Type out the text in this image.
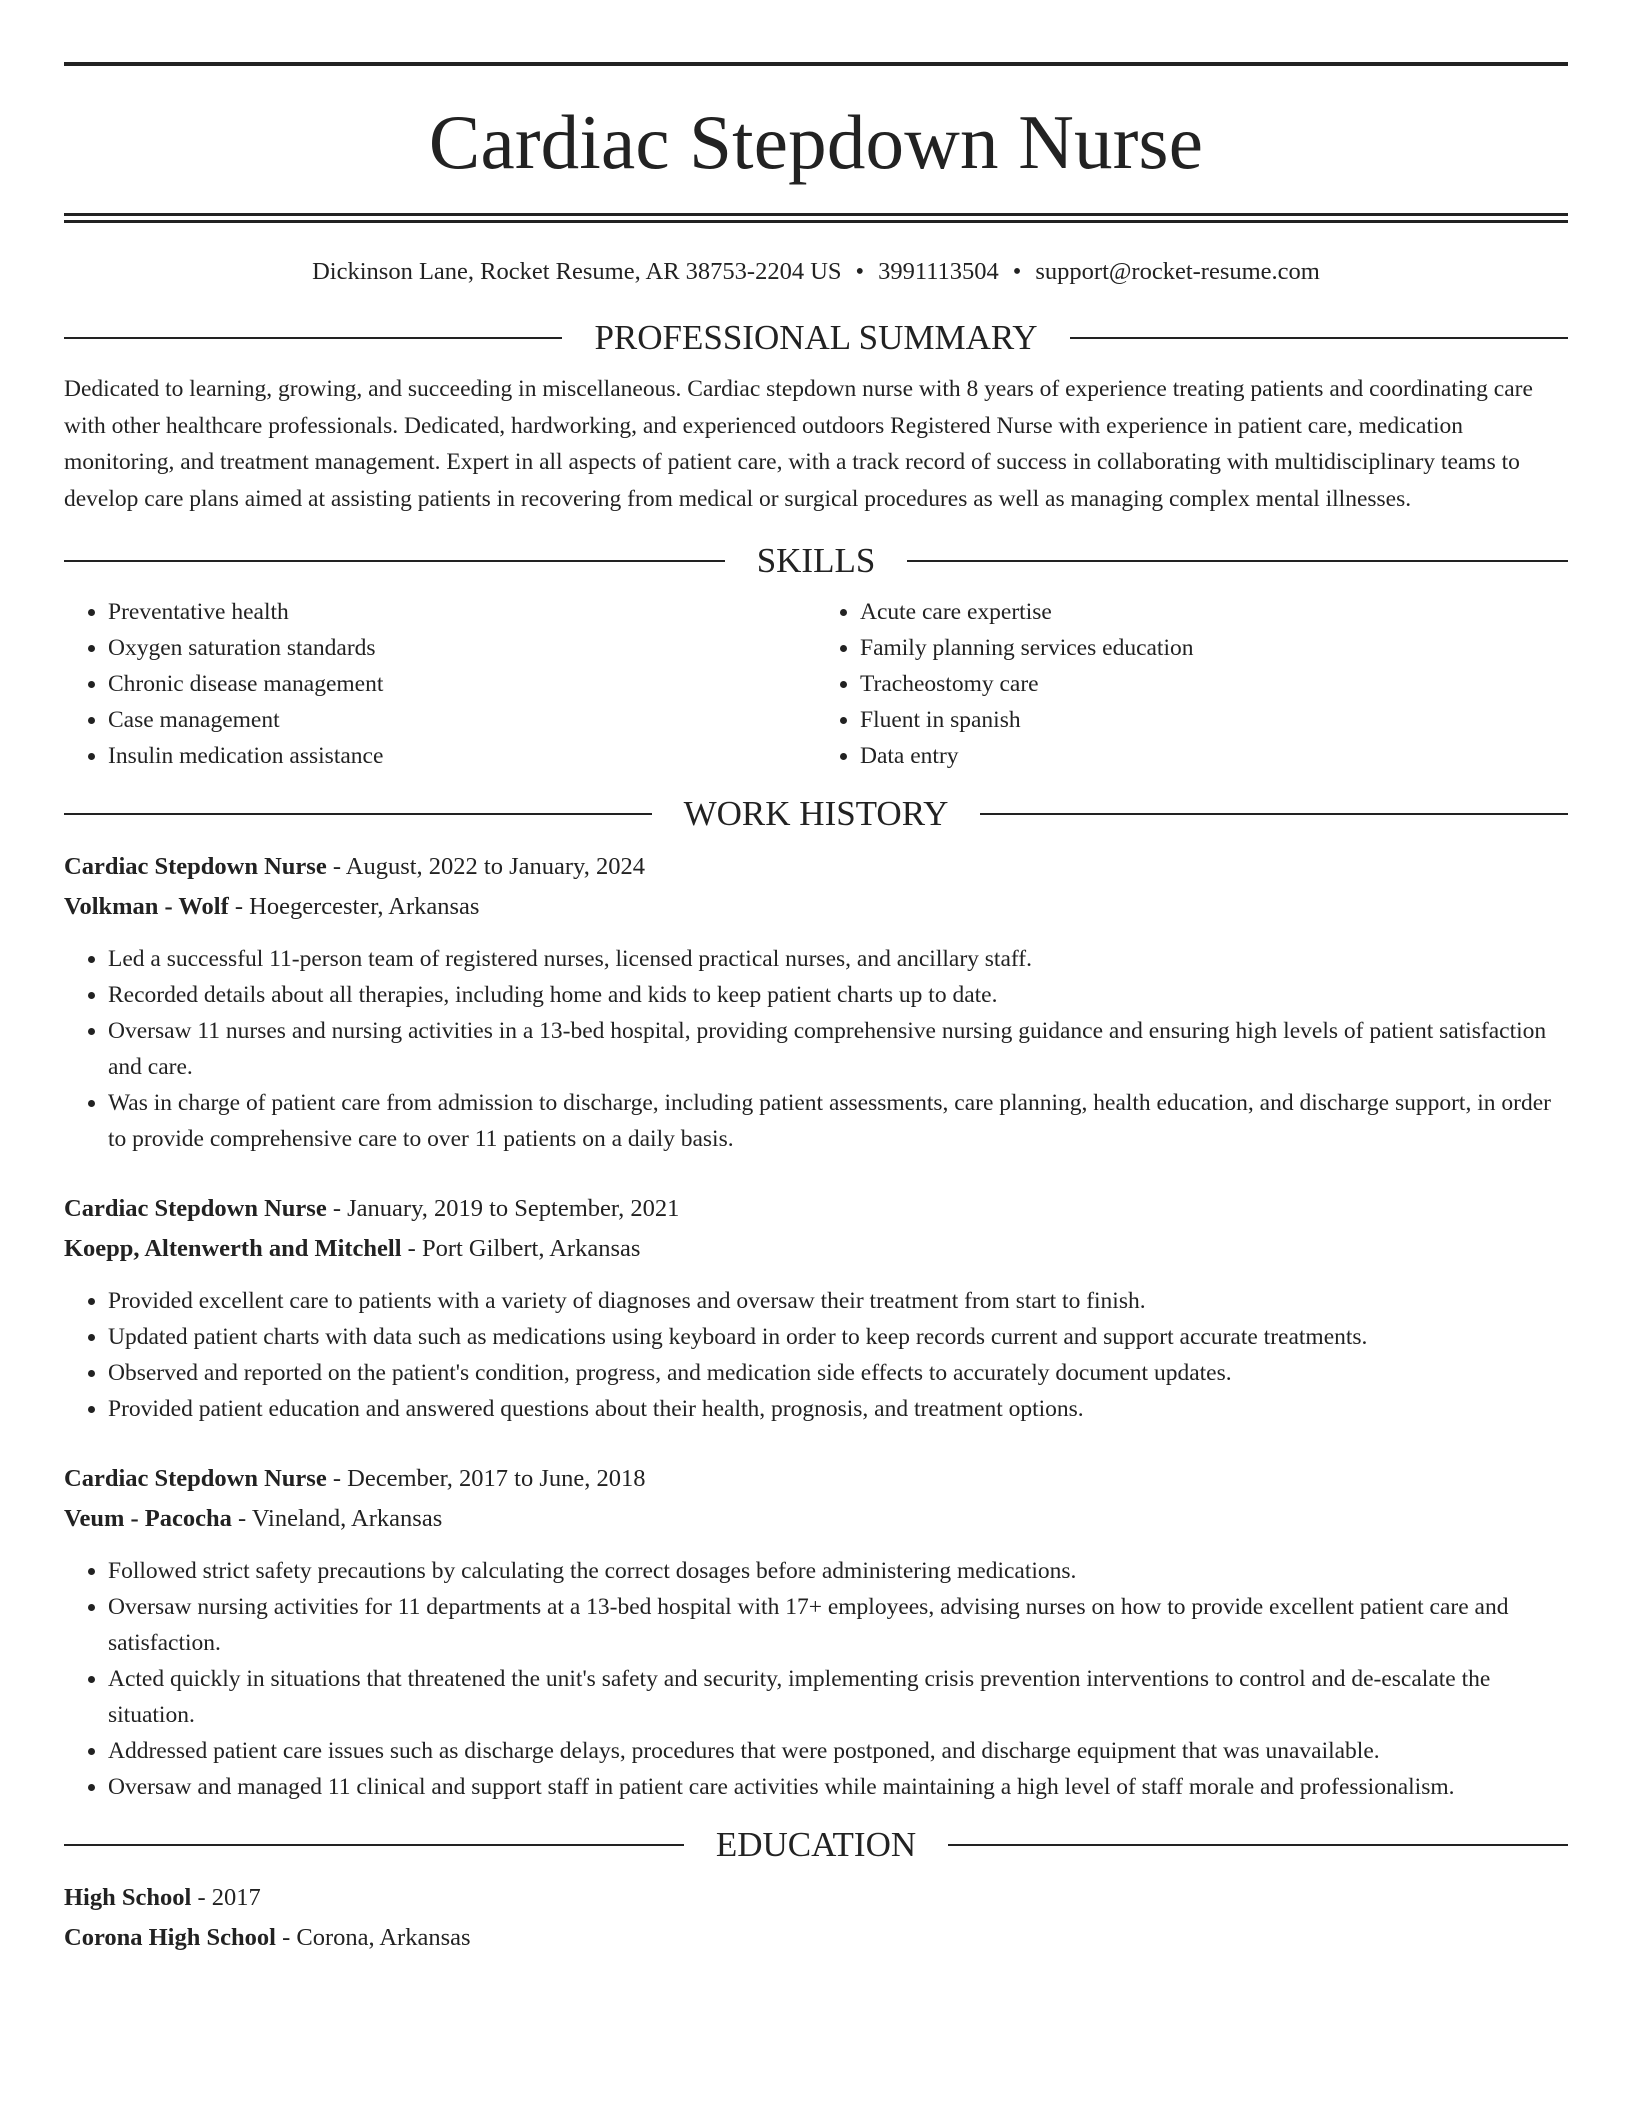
Cardiac Stepdown Nurse
Dickinson Lane, Rocket Resume, AR 38753-2204 US • 3991113504 • support@rocket-resume.com
PROFESSIONAL SUMMARY

Dedicated to learning, growing, and succeeding in miscellaneous. Cardiac stepdown nurse with 8 years of experience treating patients and coordinating care with other healthcare professionals. Dedicated, hardworking, and experienced outdoors Registered Nurse with experience in patient care, medication monitoring, and treatment management. Expert in all aspects of patient care, with a track record of success in collaborating with multidisciplinary teams to develop care plans aimed at assisting patients in recovering from medical or surgical procedures as well as managing complex mental illnesses.

SKILLS
• Preventative health
• Oxygen saturation standards
• Chronic disease management
• Case management
• Insulin medication assistance
• Acute care expertise
• Family planning services education
• Tracheostomy care
• Fluent in spanish
• Data entry
WORK HISTORY
Cardiac Stepdown Nurse - August, 2022 to January, 2024
Volkman - Wolf - Hoegercester, Arkansas
• Led a successful 11-person team of registered nurses, licensed practical nurses, and ancillary staff.
• Recorded details about all therapies, including home and kids to keep patient charts up to date.
• Oversaw 11 nurses and nursing activities in a 13-bed hospital, providing comprehensive nursing guidance and ensuring high levels of patient satisfaction and care.
• Was in charge of patient care from admission to discharge, including patient assessments, care planning, health education, and discharge support, in order to provide comprehensive care to over 11 patients on a daily basis.
Cardiac Stepdown Nurse - January, 2019 to September, 2021
Koepp, Altenwerth and Mitchell - Port Gilbert, Arkansas
• Provided excellent care to patients with a variety of diagnoses and oversaw their treatment from start to finish.
• Updated patient charts with data such as medications using keyboard in order to keep records current and support accurate treatments.
• Observed and reported on the patient's condition, progress, and medication side effects to accurately document updates.
• Provided patient education and answered questions about their health, prognosis, and treatment options.
Cardiac Stepdown Nurse - December, 2017 to June, 2018
Veum - Pacocha - Vineland, Arkansas
• Followed strict safety precautions by calculating the correct dosages before administering medications.
• Oversaw nursing activities for 11 departments at a 13-bed hospital with 17+ employees, advising nurses on how to provide excellent patient care and satisfaction.
• Acted quickly in situations that threatened the unit's safety and security, implementing crisis prevention interventions to control and de-escalate the situation.
• Addressed patient care issues such as discharge delays, procedures that were postponed, and discharge equipment that was unavailable.
• Oversaw and managed 11 clinical and support staff in patient care activities while maintaining a high level of staff morale and professionalism.
EDUCATION
High School - 2017
Corona High School - Corona, Arkansas
